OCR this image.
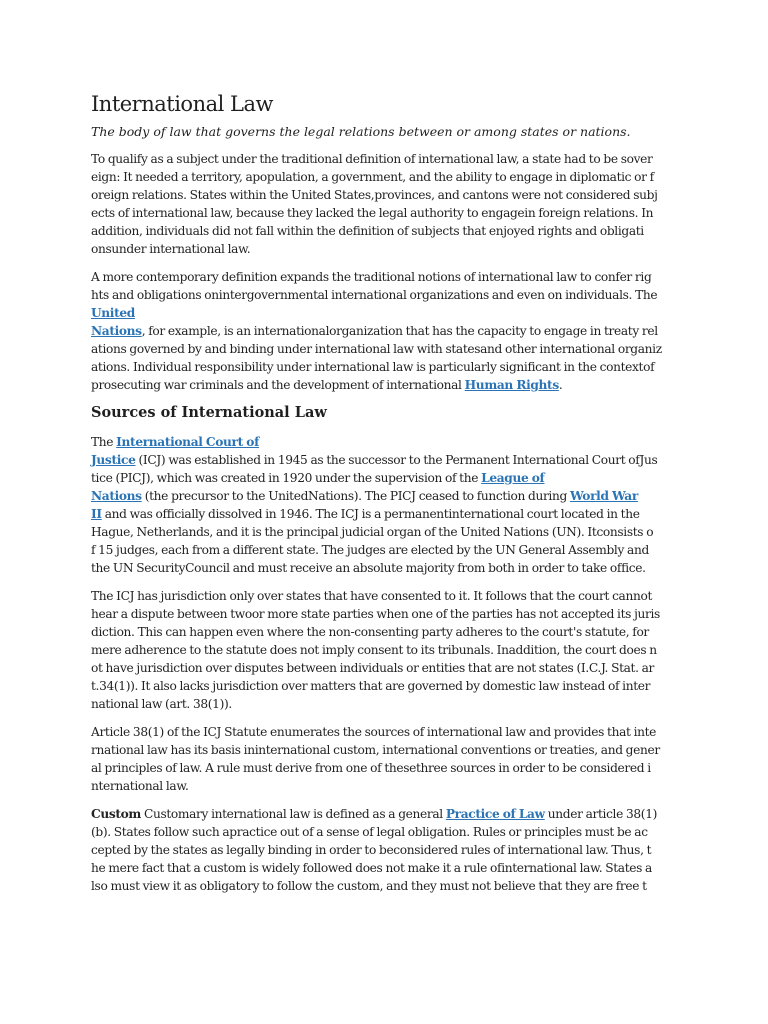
International Law

The body of law that governs the legal relations between or among states or nations.

To qualify as a subject under the traditional definition of international law, a state had to be sover
eign: It needed a territory, apopulation, a government, and the ability to engage in diplomatic or f
oreign relations. States within the United States,provinces, and cantons were not considered subj
ects of international law, because they lacked the legal authority to engagein foreign relations. In
addition, individuals did not fall within the definition of subjects that enjoyed rights and obligati
onsunder international law.

A more contemporary definition expands the traditional notions of international law to confer rig
hts and obligations onintergovernmental international organizations and even on individuals. The
United
Nations, for example, is an internationalorganization that has the capacity to engage in treaty rel
ations governed by and binding under international law with statesand other international organiz
ations. Individual responsibility under international law is particularly significant in the contextof
prosecuting war criminals and the development of international Human Rights.

Sources of International Law

The International Court of
Justice (ICJ) was established in 1945 as the successor to the Permanent International Court ofJus
tice (PICJ), which was created in 1920 under the supervision of the League of
Nations (the precursor to the UnitedNations). The PICJ ceased to function during World War
II and was officially dissolved in 1946. The ICJ is a permanentinternational court located in the
Hague, Netherlands, and it is the principal judicial organ of the United Nations (UN). Itconsists o
f 15 judges, each from a different state. The judges are elected by the UN General Assembly and
the UN SecurityCouncil and must receive an absolute majority from both in order to take office.

The ICJ has jurisdiction only over states that have consented to it. It follows that the court cannot
hear a dispute between twoor more state parties when one of the parties has not accepted its juris
diction. This can happen even where the non-consenting party adheres to the court's statute, for
mere adherence to the statute does not imply consent to its tribunals. Inaddition, the court does n
ot have jurisdiction over disputes between individuals or entities that are not states (I.C.J. Stat. ar
t.34(1)). It also lacks jurisdiction over matters that are governed by domestic law instead of inter
national law (art. 38(1)).

Article 38(1) of the ICJ Statute enumerates the sources of international law and provides that inte
rnational law has its basis ininternational custom, international conventions or treaties, and gener
al principles of law. A rule must derive from one of thesethree sources in order to be considered i
nternational law.

Custom Customary international law is defined as a general Practice of Law under article 38(1)
(b). States follow such apractice out of a sense of legal obligation. Rules or principles must be ac
cepted by the states as legally binding in order to beconsidered rules of international law. Thus, t
he mere fact that a custom is widely followed does not make it a rule ofinternational law. States a
lso must view it as obligatory to follow the custom, and they must not believe that they are free t
